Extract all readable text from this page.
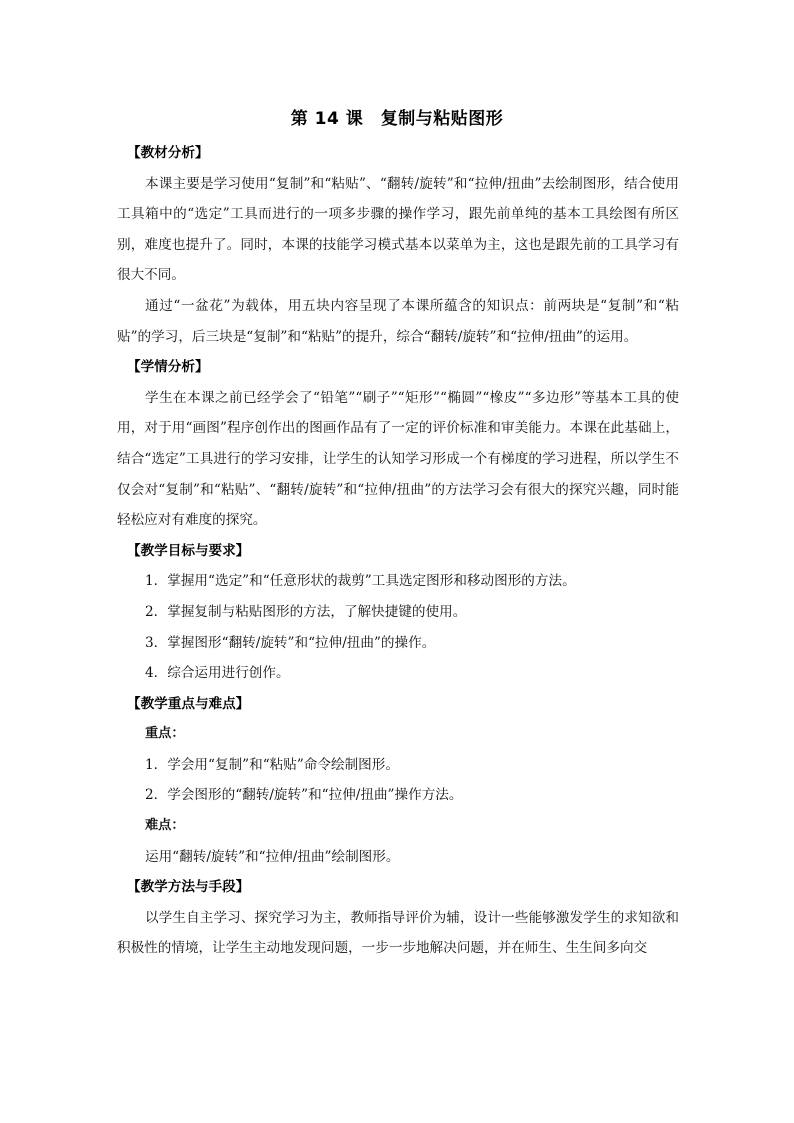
第 14 课　复制与粘贴图形
【教材分析】

本课主要是学习使用“复制”和“粘贴”、“翻转/旋转”和“拉伸/扭曲”去绘制图形，结合使用工具箱中的“选定”工具而进行的一项多步骤的操作学习，跟先前单纯的基本工具绘图有所区别，难度也提升了。同时，本课的技能学习模式基本以菜单为主，这也是跟先前的工具学习有很大不同。

通过“一盆花”为载体，用五块内容呈现了本课所蕴含的知识点：前两块是“复制”和“粘贴”的学习，后三块是“复制”和“粘贴”的提升，综合“翻转/旋转”和“拉伸/扭曲”的运用。

【学情分析】

学生在本课之前已经学会了“铅笔”“刷子”“矩形”“椭圆”“橡皮”“多边形”等基本工具的使用，对于用“画图”程序创作出的图画作品有了一定的评价标准和审美能力。本课在此基础上，结合“选定”工具进行的学习安排，让学生的认知学习形成一个有梯度的学习进程，所以学生不仅会对“复制”和“粘贴”、“翻转/旋转”和“拉伸/扭曲”的方法学习会有很大的探究兴趣，同时能轻松应对有难度的探究。

【教学目标与要求】

1．掌握用“选定”和“任意形状的裁剪”工具选定图形和移动图形的方法。

2．掌握复制与粘贴图形的方法，了解快捷键的使用。

3．掌握图形“翻转/旋转”和“拉伸/扭曲”的操作。

4．综合运用进行创作。

【教学重点与难点】
重点：

1．学会用“复制”和“粘贴”命令绘制图形。

2．学会图形的“翻转/旋转”和“拉伸/扭曲”操作方法。

难点：

运用“翻转/旋转”和“拉伸/扭曲”绘制图形。

【教学方法与手段】

以学生自主学习、探究学习为主，教师指导评价为辅，设计一些能够激发学生的求知欲和积极性的情境，让学生主动地发现问题，一步一步地解决问题，并在师生、生生间多向交
